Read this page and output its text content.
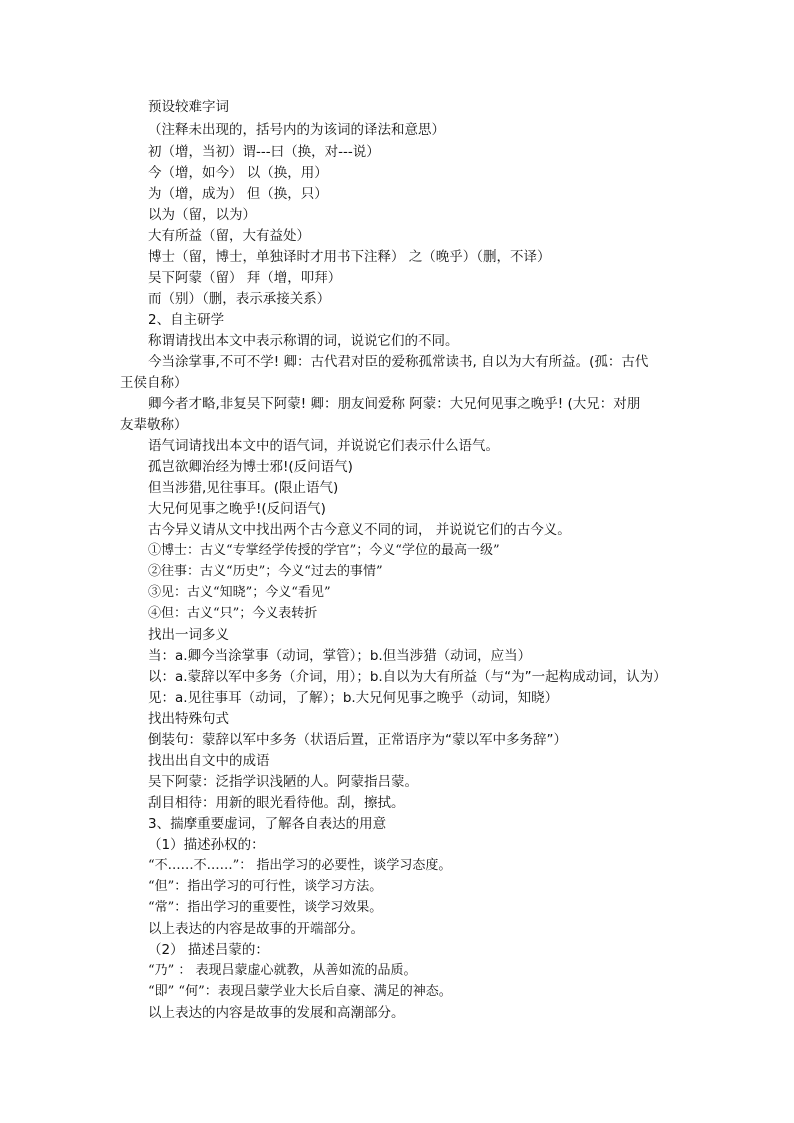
预设较难字词
（注释未出现的，括号内的为该词的译法和意思）
初（增，当初）谓---曰（换，对---说）
今（增，如今） 以（换，用）
为（增，成为） 但（换，只）
以为（留，以为）
大有所益（留，大有益处）
博士（留，博士，单独译时才用书下注释） 之（晚乎）（删，不译）
吴下阿蒙（留） 拜（增，叩拜）
而（别）（删，表示承接关系）
2、自主研学
称谓请找出本文中表示称谓的词，说说它们的不同。
今当涂掌事,不可不学! 卿：古代君对臣的爱称孤常读书, 自以为大有所益。(孤：古代
王侯自称）
卿今者才略,非复吴下阿蒙! 卿：朋友间爱称 阿蒙：大兄何见事之晚乎! (大兄：对朋
友辈敬称）
语气词请找出本文中的语气词，并说说它们表示什么语气。
孤岂欲卿治经为博士邪!(反问语气)
但当涉猎,见往事耳。(限止语气)
大兄何见事之晚乎!(反问语气)
古今异义请从文中找出两个古今意义不同的词， 并说说它们的古今义。
①博士：古义“专掌经学传授的学官”；今义“学位的最高一级”
②往事：古义“历史”；今义“过去的事情”
③见：古义“知晓”；今义“看见”
④但：古义“只”；今义表转折
找出一词多义
当：a.卿今当涂掌事（动词，掌管）；b.但当涉猎（动词，应当）
以：a.蒙辞以军中多务（介词，用）；b.自以为大有所益（与“为”一起构成动词，认为）
见：a.见往事耳（动词，了解）；b.大兄何见事之晚乎（动词，知晓）
找出特殊句式
倒装句：蒙辞以军中多务（状语后置，正常语序为“蒙以军中多务辞”）
找出出自文中的成语
吴下阿蒙：泛指学识浅陋的人。阿蒙指吕蒙。
刮目相待：用新的眼光看待他。刮，擦拭。
3、揣摩重要虚词，了解各自表达的用意
（1）描述孙权的：
“不……不……”： 指出学习的必要性，谈学习态度。
“但”：指出学习的可行性，谈学习方法。
“常”：指出学习的重要性，谈学习效果。
以上表达的内容是故事的开端部分。
（2） 描述吕蒙的：
“乃” ： 表现吕蒙虚心就教，从善如流的品质。
“即” “何”：表现吕蒙学业大长后自豪、满足的神态。
以上表达的内容是故事的发展和高潮部分。
